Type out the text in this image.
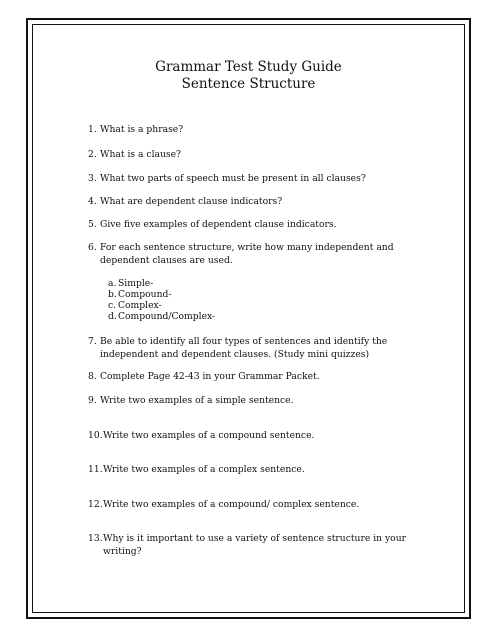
Grammar Test Study Guide
Sentence Structure
1. What is a phrase?
2. What is a clause?
3. What two parts of speech must be present in all clauses?
4. What are dependent clause indicators?
5. Give five examples of dependent clause indicators.
6. For each sentence structure, write how many independent and dependent clauses are used.
a. Simple-
b.Compound-
c. Complex-
d.Compound/Complex-
7. Be able to identify all four types of sentences and identify the independent and dependent clauses. (Study mini quizzes)
8. Complete Page 42-43 in your Grammar Packet.
9. Write two examples of a simple sentence.
10. Write two examples of a compound sentence.
11. Write two examples of a complex sentence.
12. Write two examples of a compound/ complex sentence.
13. Why is it important to use a variety of sentence structure in your writing?
